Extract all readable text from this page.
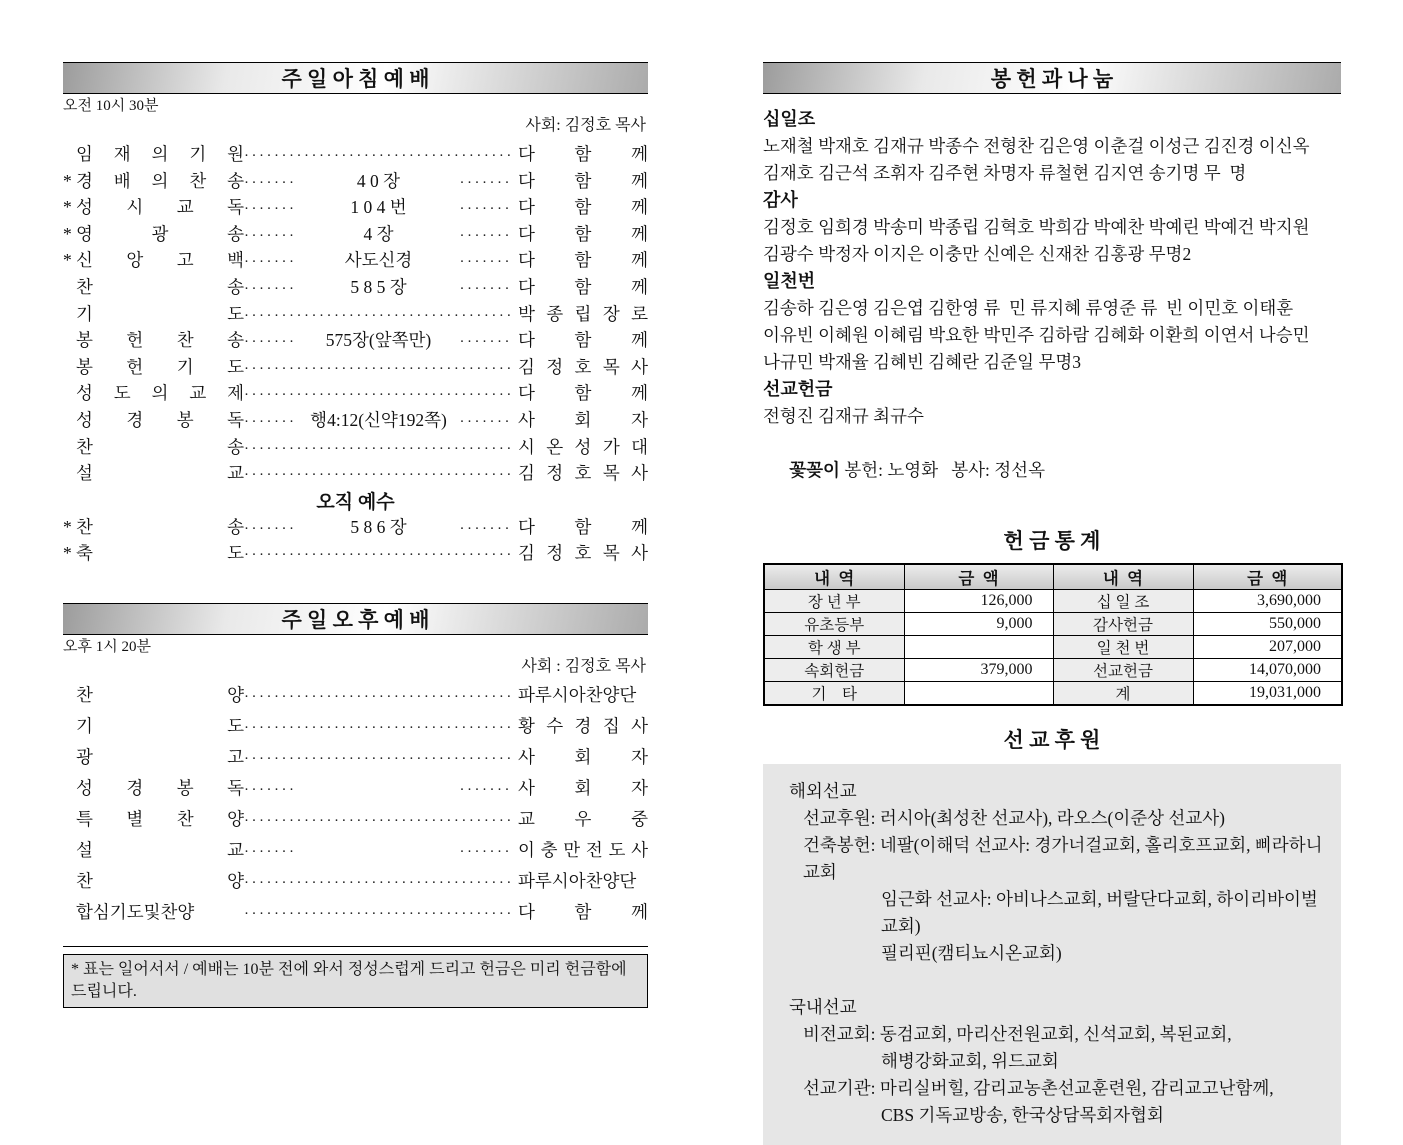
주 일 아 침 예 배
오전 10시 30분
사회: 김정호 목사
임 재 의 기 원 ·····	다 함 께
* 경 배 의 찬 송 ·····	4 0 장 ·····	다 함 께
* 성 시 교 독 ·····	1 0 4 번 ·····	다 함 께
* 영 광 송 ·····	4 장 ·····	다 함 께
* 신 앙 고 백 ·····	사도신경 ·····	다 함 께
찬 송 ·····	5 8 5 장 ·····	다 함 께
기 도 ·····	박 종 립 장 로
봉 헌 찬 송 ·····	575장(앞쪽만) ·····	다 함 께
봉 헌 기 도 ·····	김 정 호 목 사
성 도 의 교 제 ·····	다 함 께
성 경 봉 독 ·····	행4:12(신약192쪽) ·····	사 회 자
찬 송 ·····	시 온 성 가 대
설 교 ·····	김 정 호 목 사
오직 예수
* 찬 송 ·····	5 8 6 장 ·····	다 함 께
* 축 도 ·····	김 정 호 목 사
주 일 오 후 예 배
오후 1시 20분
사회 : 김정호 목사
찬 양 ·····	파루시아찬양단
기 도 ·····	황 수 경 집 사
광 고 ·····	사 회 자
성 경 봉 독 ····· ·····	사 회 자
특 별 찬 양 ·····	교 우 중
설 교 ····· ·····	이 충 만 전 도 사
찬 양 ·····	파루시아찬양단
합심기도및찬양 ·····	다 함 께
* 표는 일어서서 / 예배는 10분 전에 와서 정성스럽게 드리고 헌금은 미리 헌금함에 드립니다.
봉 헌 과 나 눔
십일조
노재철 박재호 김재규 박종수 전형찬 김은영 이춘걸 이성근 김진경 이신옥
김재호 김근석 조휘자 김주현 차명자 류철현 김지연 송기명 무  명
감사
김정호 임희경 박송미 박종립 김혁호 박희감 박예찬 박예린 박예건 박지원
김광수 박정자 이지은 이충만 신예은 신재찬 김홍광 무명2
일천번
김송하 김은영 김은엽 김한영 류  민 류지혜 류영준 류  빈 이민호 이태훈
이유빈 이혜원 이혜림 박요한 박민주 김하람 김혜화 이환희 이연서 나승민
나규민 박재율 김혜빈 김혜란 김준일 무명3
선교헌금
전형진 김재규 최규수

꽃꽂이 봉헌: 노영화   봉사: 정선옥

헌 금 통 계
내  역	금  액	내  역	금  액
장 년 부	126,000	십 일 조	3,690,000
유초등부	9,000	감사헌금	550,000
학 생 부		일 천 번	207,000
속회헌금	379,000	선교헌금	14,070,000
기    타		계	19,031,000
선 교 후 원
해외선교
선교후원: 러시아(최성찬 선교사), 라오스(이준상 선교사)
건축봉헌: 네팔(이해덕 선교사: 경가너걸교회, 홀리호프교회, 삐라하니교회
임근화 선교사: 아비나스교회, 버랄단다교회, 하이리바이벌교회)
필리핀(캠티뇨시온교회)
국내선교
비전교회: 동검교회, 마리산전원교회, 신석교회, 복된교회,
해병강화교회, 위드교회
선교기관: 마리실버힐, 감리교농촌선교훈련원, 감리교고난함께,
CBS 기독교방송, 한국상담목회자협회
